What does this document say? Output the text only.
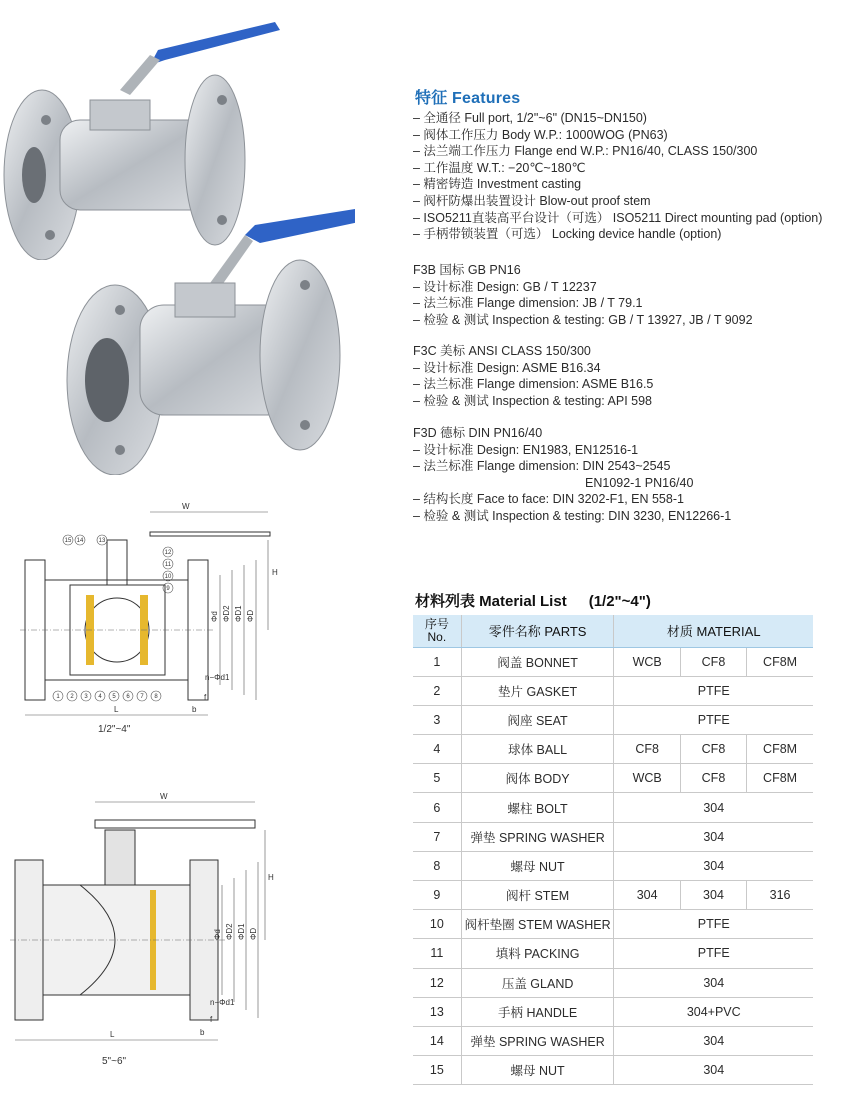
W
H
Φd ΦD2 ΦD1 ΦD
n−Φd1
f
b
L
15 14	13
12
11
10
9
1 2 3 4 5 6 7 8
1/2"~4"
W
H
Φd ΦD2 ΦD1 ΦD
n−Φd1
f
b
L
5"~6"
特征 Features
– 全通径 Full port, 1/2"~6" (DN15~DN150)
– 阀体工作压力 Body W.P.: 1000WOG (PN63)
– 法兰端工作压力 Flange end W.P.: PN16/40, CLASS 150/300
– 工作温度 W.T.: −20℃~180℃
– 精密铸造 Investment casting
– 阀杆防爆出装置设计 Blow-out proof stem
– ISO5211直装高平台设计（可选） ISO5211 Direct mounting pad (option)
– 手柄带锁装置（可选） Locking device handle (option)
F3B 国标 GB PN16
– 设计标准 Design: GB / T 12237
– 法兰标准 Flange dimension: JB / T 79.1
– 检验 & 测试 Inspection & testing: GB / T 13927, JB / T 9092
F3C 美标 ANSI CLASS 150/300
– 设计标准 Design: ASME B16.34
– 法兰标准 Flange dimension: ASME B16.5
– 检验 & 测试 Inspection & testing: API 598
F3D 德标 DIN PN16/40
– 设计标准 Design: EN1983, EN12516-1
– 法兰标准 Flange dimension: DIN 2543~2545
EN1092-1 PN16/40
– 结构长度 Face to face: DIN 3202-F1, EN 558-1
– 检验 & 测试 Inspection & testing: DIN 3230, EN12266-1
材料列表 Material List (1/2"~4")
序号
No.	零件名称 PARTS	材质 MATERIAL		
1	阀盖 BONNET	WCB	CF8	CF8M
2	垫片 GASKET	PTFE		
3	阀座 SEAT	PTFE		
4	球体 BALL	CF8	CF8	CF8M
5	阀体 BODY	WCB	CF8	CF8M
6	螺柱 BOLT	304		
7	弹垫 SPRING WASHER	304		
8	螺母 NUT	304		
9	阀杆 STEM	304	304	316
10	阀杆垫圈 STEM WASHER	PTFE		
11	填料 PACKING	PTFE		
12	压盖 GLAND	304		
13	手柄 HANDLE	304+PVC		
14	弹垫 SPRING WASHER	304		
15	螺母 NUT	304		
